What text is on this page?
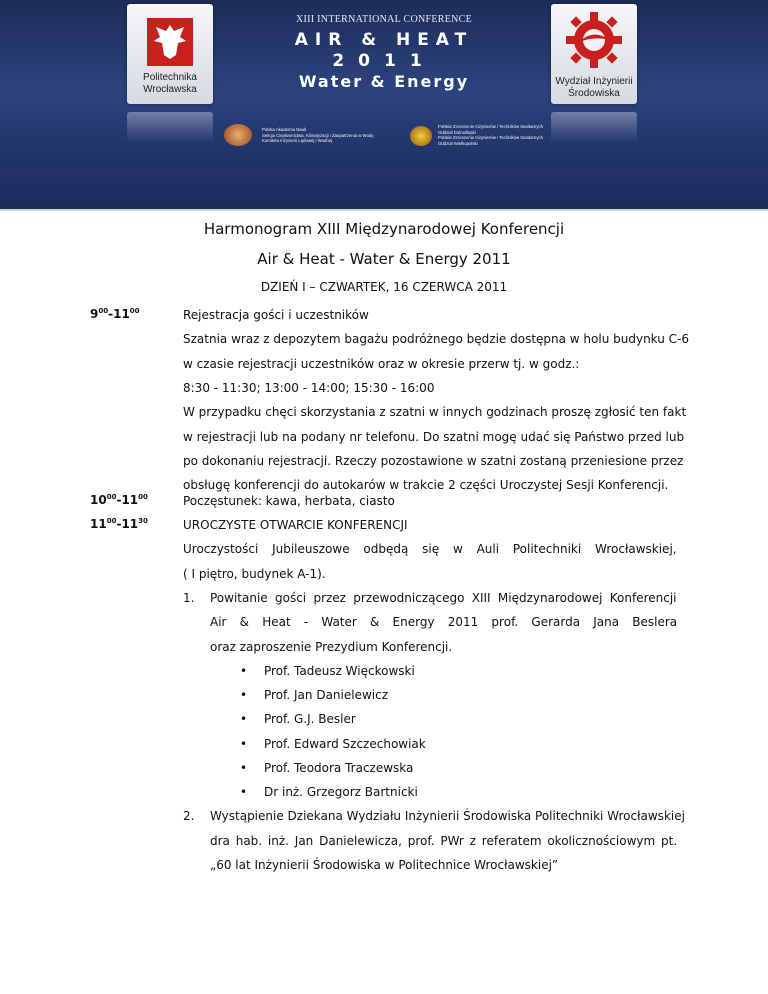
Politechnika
Wrocławska
Wydział Inżynierii
Środowiska
XIII INTERNATIONAL CONFERENCE
AIR & HEAT
2011
Water & Energy
Polska Akademia Nauk
Sekcja Ciepłownictwa, Klimatyzacji i Zaopatrzenia w Wodę
Komitetu Inżynierii Lądowej i Wodnej
Polskie Zrzeszenie Inżynierów i Techników Sanitarnych
Oddział Dolnośląski
Polskie Zrzeszenie Inżynierów i Techników Sanitarnych
Oddział Wielkopolski
Harmonogram XIII Międzynarodowej Konferencji
Air & Heat - Water & Energy 2011
DZIEŃ I – CZWARTEK, 16 CZERWCA 2011
$9^{00}-11^{00}$	Rejestracja gości i uczestników
Szatnia wraz z depozytem bagażu podróżnego będzie dostępna w holu budynku C-6
w czasie rejestracji uczestników oraz w okresie przerw tj. w godz.:
8:30 - 11:30; 13:00 - 14:00; 15:30 - 16:00
W przypadku chęci skorzystania z szatni w innych godzinach proszę zgłosić ten fakt
w rejestracji lub na podany nr telefonu. Do szatni mogę udać się Państwo przed lub
po dokonaniu rejestracji. Rzeczy pozostawione w szatni zostaną przeniesione przez
obsługę konferencji do autokarów w trakcie 2 części Uroczystej Sesji Konferencji.
$10^{00}-11^{00}$	Poczęstunek: kawa, herbata, ciasto
$11^{00}-11^{30}$	UROCZYSTE OTWARCIE KONFERENCJI
Uroczystości Jubileuszowe odbędą się w Auli Politechniki Wrocławskiej,
( I piętro, budynek A-1).
1. Powitanie gości przez przewodniczącego XIII Międzynarodowej Konferencji
Air & Heat - Water & Energy 2011 prof. Gerarda Jana Beslera
oraz zaproszenie Prezydium Konferencji.
• Prof. Tadeusz Więckowski
• Prof. Jan Danielewicz
• Prof. G.J. Besler
• Prof. Edward Szczechowiak
• Prof. Teodora Traczewska
• Dr inż. Grzegorz Bartnicki
2. Wystąpienie Dziekana Wydziału Inżynierii Środowiska Politechniki Wrocławskiej
dra hab. inż. Jan Danielewicza, prof. PWr z referatem okolicznościowym pt.
„60 lat Inżynierii Środowiska w Politechnice Wrocławskiej”
